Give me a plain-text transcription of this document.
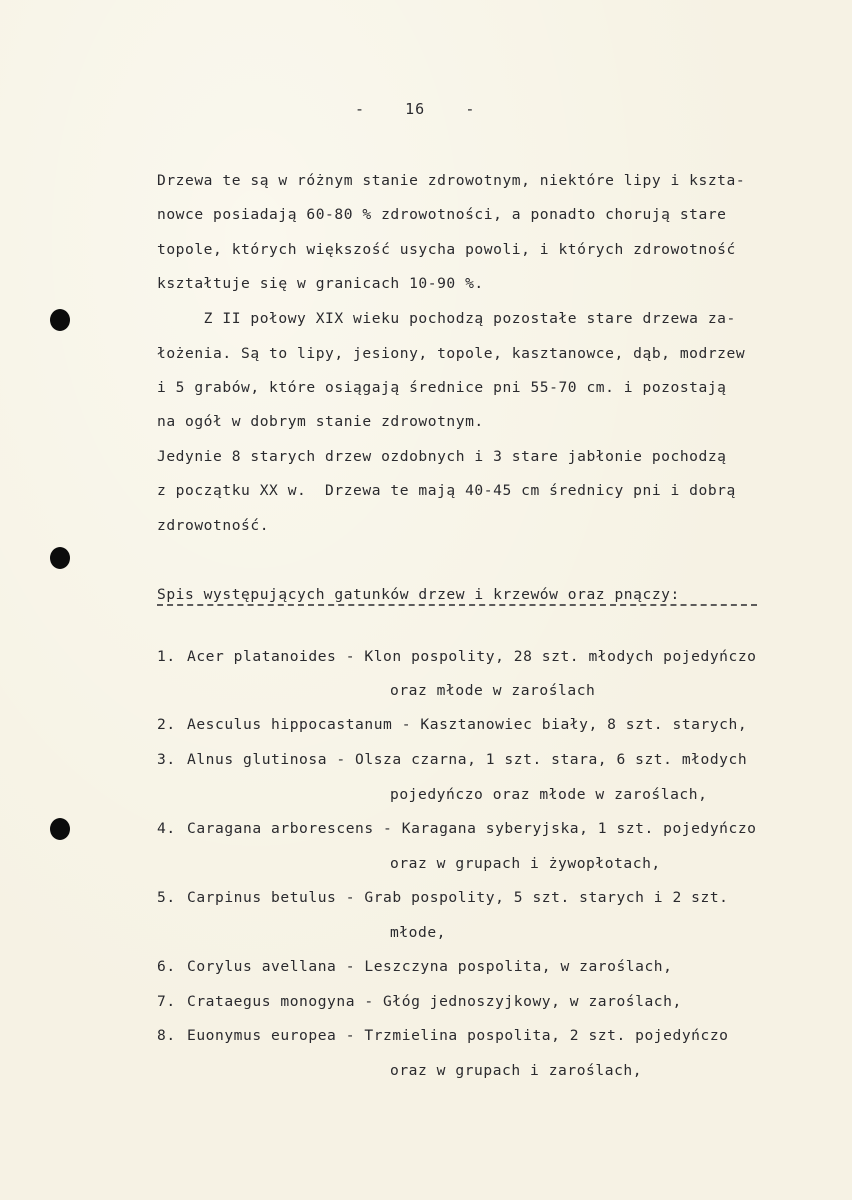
-    16    -
Drzewa te są w różnym stanie zdrowotnym, niektóre lipy i kszta-
nowce posiadają 60-80 % zdrowotności, a ponadto chorują stare
topole, których większość usycha powoli, i których zdrowotność
kształtuje się w granicach 10-90 %.
Z II połowy XIX wieku pochodzą pozostałe stare drzewa za-
łożenia. Są to lipy, jesiony, topole, kasztanowce, dąb, modrzew
i 5 grabów, które osiągają średnice pni 55-70 cm. i pozostają
na ogół w dobrym stanie zdrowotnym.
Jedynie 8 starych drzew ozdobnych i 3 stare jabłonie pochodzą
z początku XX w.  Drzewa te mają 40-45 cm średnicy pni i dobrą
zdrowotność.
Spis występujących gatunków drzew i krzewów oraz pnączy:
1. Acer platanoides - Klon pospolity, 28 szt. młodych pojedyńczo
oraz młode w zaroślach
2. Aesculus hippocastanum - Kasztanowiec biały, 8 szt. starych,
3. Alnus glutinosa - Olsza czarna, 1 szt. stara, 6 szt. młodych
pojedyńczo oraz młode w zaroślach,
4. Caragana arborescens - Karagana syberyjska, 1 szt. pojedyńczo
oraz w grupach i żywopłotach,
5. Carpinus betulus - Grab pospolity, 5 szt. starych i 2 szt.
młode,
6. Corylus avellana - Leszczyna pospolita, w zaroślach,
7. Crataegus monogyna - Głóg jednoszyjkowy, w zaroślach,
8. Euonymus europea - Trzmielina pospolita, 2 szt. pojedyńczo
oraz w grupach i zaroślach,
